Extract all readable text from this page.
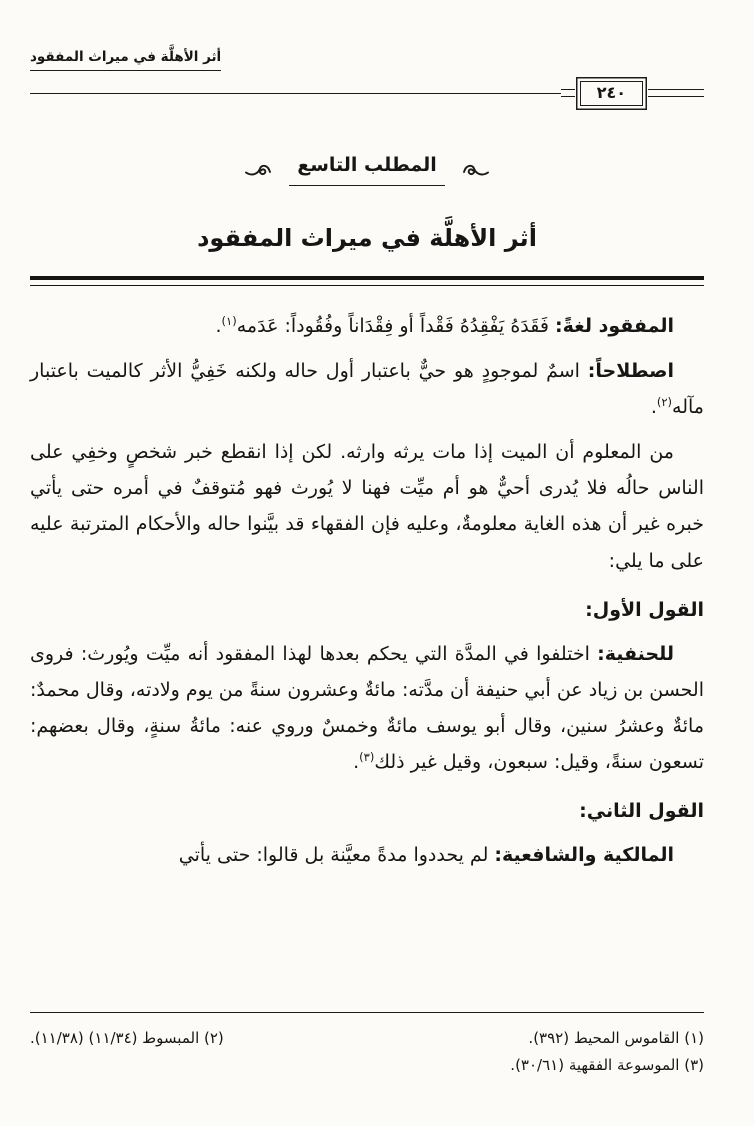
أثر الأهلَّة في ميراث المفقود
٢٤٠
المطلب التاسع
أثر الأهلَّة في ميراث المفقود

المفقود لغةً: فَقَدَهُ يَفْقِدُهُ فَقْداً أو فِقْدَاناً وفُقُوداً: عَدَمه$^{(١)}$.

اصطلاحاً: اسمٌ لموجودٍ هو حيٌّ باعتبار أول حاله ولكنه خَفِيُّ الأثر كالميت باعتبار مآله$^{(٢)}$.

من المعلوم أن الميت إذا مات يرثه وارثه. لكن إذا انقطع خبر شخصٍ وخفِي على الناس حالُه فلا يُدرى أحيٌّ هو أم ميِّت فهنا لا يُورث فهو مُتوقفٌ في أمره حتى يأتي خبره غير أن هذه الغاية معلومةٌ، وعليه فإن الفقهاء قد بيَّنوا حاله والأحكام المترتبة عليه على ما يلي:

القول الأول:

للحنفية: اختلفوا في المدَّة التي يحكم بعدها لهذا المفقود أنه ميِّت ويُورث: فروى الحسن بن زياد عن أبي حنيفة أن مدَّته: مائةٌ وعشرون سنةً من يوم ولادته، وقال محمدٌ: مائةٌ وعشرُ سنين، وقال أبو يوسف مائةٌ وخمسٌ وروي عنه: مائةُ سنةٍ، وقال بعضهم: تسعون سنةً، وقيل: سبعون، وقيل غير ذلك$^{(٣)}$.

القول الثاني:

المالكية والشافعية: لم يحددوا مدةً معيَّنة بل قالوا: حتى يأتي

(١) القاموس المحيط (٣٩٢).
(٢) المبسوط (١١/٣٤) (١١/٣٨).
(٣) الموسوعة الفقهية (٣٠/٦١).
